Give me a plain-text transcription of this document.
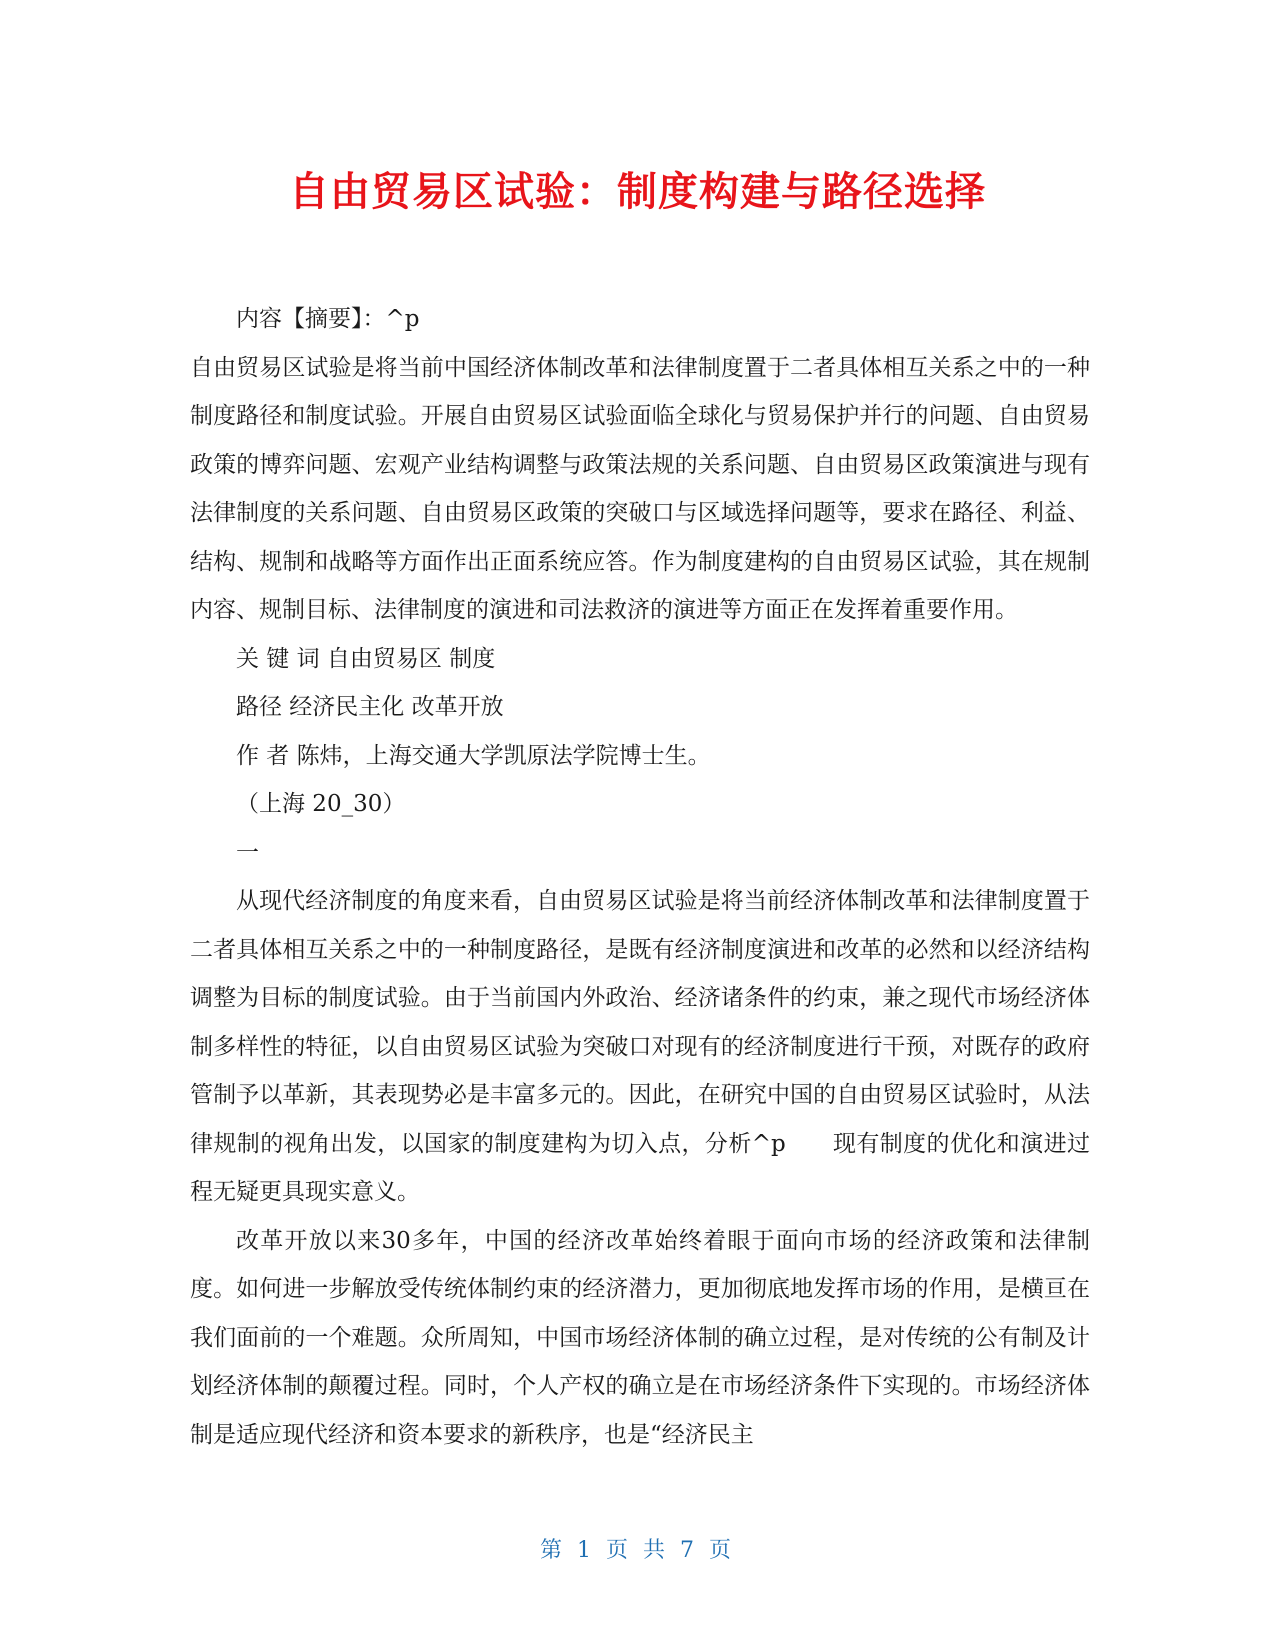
自由贸易区试验：制度构建与路径选择

内容【摘要】：^p

自由贸易区试验是将当前中国经济体制改革和法律制度置于二者具体相互关系之中的一种制度路径和制度试验。开展自由贸易区试验面临全球化与贸易保护并行的问题、自由贸易政策的博弈问题、宏观产业结构调整与政策法规的关系问题、自由贸易区政策演进与现有法律制度的关系问题、自由贸易区政策的突破口与区域选择问题等，要求在路径、利益、结构、规制和战略等方面作出正面系统应答。作为制度建构的自由贸易区试验，其在规制内容、规制目标、法律制度的演进和司法救济的演进等方面正在发挥着重要作用。

关 键 词 自由贸易区 制度

路径 经济民主化 改革开放

作 者 陈炜，上海交通大学凯原法学院博士生。

（上海 20_30）

一

从现代经济制度的角度来看，自由贸易区试验是将当前经济体制改革和法律制度置于二者具体相互关系之中的一种制度路径，是既有经济制度演进和改革的必然和以经济结构调整为目标的制度试验。由于当前国内外政治、经济诸条件的约束，兼之现代市场经济体制多样性的特征，以自由贸易区试验为突破口对现有的经济制度进行干预，对既存的政府管制予以革新，其表现势必是丰富多元的。因此，在研究中国的自由贸易区试验时，从法律规制的视角出发，以国家的制度建构为切入点，分析^p　　现有制度的优化和演进过程无疑更具现实意义。

改革开放以来30多年，中国的经济改革始终着眼于面向市场的经济政策和法律制度。如何进一步解放受传统体制约束的经济潜力，更加彻底地发挥市场的作用，是横亘在我们面前的一个难题。众所周知，中国市场经济体制的确立过程，是对传统的公有制及计划经济体制的颠覆过程。同时，个人产权的确立是在市场经济条件下实现的。市场经济体制是适应现代经济和资本要求的新秩序，也是“经济民主

第 1 页 共 7 页
